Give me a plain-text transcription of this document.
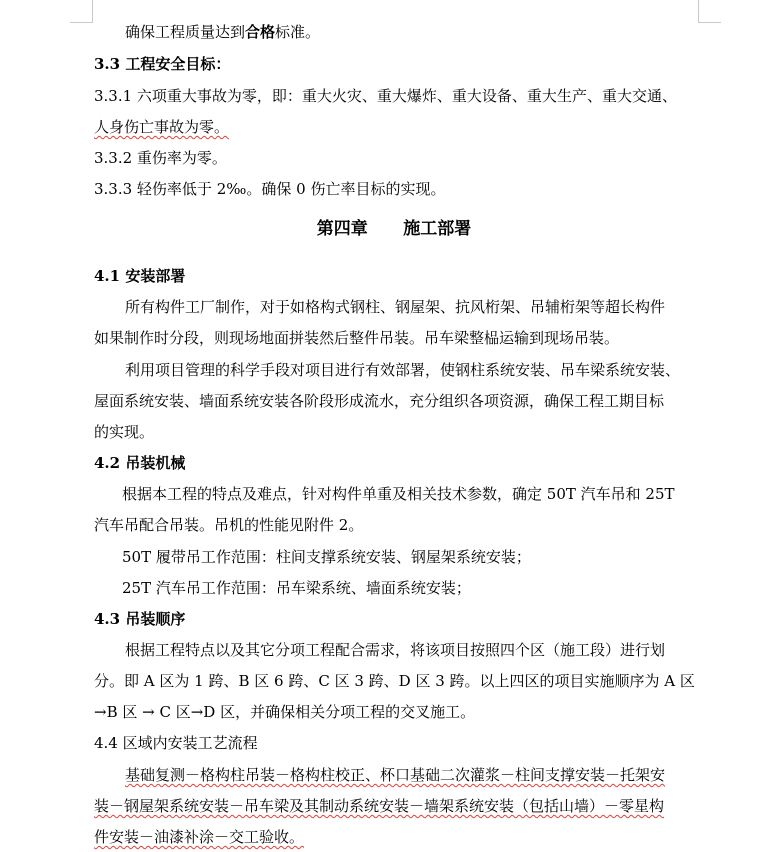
确保工程质量达到合格标准。
3.3 工程安全目标：
3.3.1 六项重大事故为零，即：重大火灾、重大爆炸、重大设备、重大生产、重大交通、
人身伤亡事故为零。
3.3.2 重伤率为零。
3.3.3 轻伤率低于 2‰。确保 0 伤亡率目标的实现。
第四章      施工部署
4.1 安装部署
所有构件工厂制作，对于如格构式钢柱、钢屋架、抗风桁架、吊辅桁架等超长构件
如果制作时分段，则现场地面拼装然后整件吊装。吊车梁整榀运输到现场吊装。
利用项目管理的科学手段对项目进行有效部署，使钢柱系统安装、吊车梁系统安装、
屋面系统安装、墙面系统安装各阶段形成流水，充分组织各项资源，确保工程工期目标
的实现。
4.2 吊装机械
根据本工程的特点及难点，针对构件单重及相关技术参数，确定 50T 汽车吊和 25T
汽车吊配合吊装。吊机的性能见附件 2。
50T 履带吊工作范围：柱间支撑系统安装、钢屋架系统安装；
25T 汽车吊工作范围：吊车梁系统、墙面系统安装；
4.3 吊装顺序
根据工程特点以及其它分项工程配合需求，将该项目按照四个区（施工段）进行划
分。即 A 区为 1 跨、B 区 6 跨、C 区 3 跨、D 区 3 跨。以上四区的项目实施顺序为 A 区
→B 区 → C 区→D 区，并确保相关分项工程的交叉施工。
4.4 区域内安装工艺流程
基础复测－格构柱吊装－格构柱校正、杯口基础二次灌浆－柱间支撑安装－托架安
装－钢屋架系统安装－吊车梁及其制动系统安装－墙架系统安装（包括山墙）－零星构
件安装－油漆补涂－交工验收。
